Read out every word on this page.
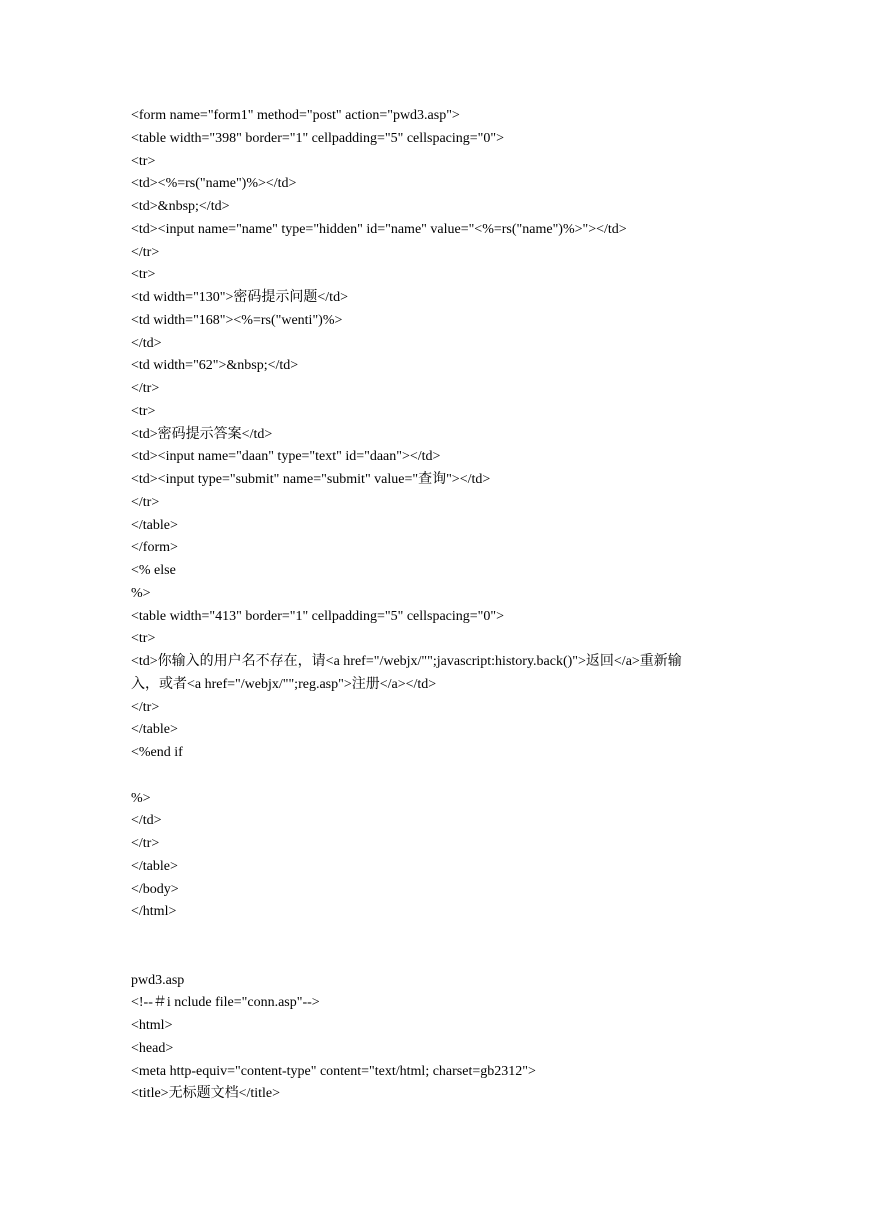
<form name="form1" method="post" action="pwd3.asp">
<table width="398" border="1" cellpadding="5" cellspacing="0">
<tr>
<td><%=rs("name")%></td>
<td>&nbsp;</td>
<td><input name="name" type="hidden" id="name" value="<%=rs("name")%>"></td>
</tr>
<tr>
<td width="130">密码提示问题</td>
<td width="168"><%=rs("wenti")%>
</td>
<td width="62">&nbsp;</td>
</tr>
<tr>
<td>密码提示答案</td>
<td><input name="daan" type="text" id="daan"></td>
<td><input type="submit" name="submit" value="查询"></td>
</tr>
</table>
</form>
<% else
%>
<table width="413" border="1" cellpadding="5" cellspacing="0">
<tr>
<td>你输入的用户名不存在，请<a href="/webjx/"";javascript:history.back()">返回</a>重新输
入，或者<a href="/webjx/"";reg.asp">注册</a></td>
</tr>
</table>
<%end if
%>
</td>
</tr>
</table>
</body>
</html>
pwd3.asp
<!--＃i nclude file="conn.asp"-->
<html>
<head>
<meta http-equiv="content-type" content="text/html; charset=gb2312">
<title>无标题文档</title>
